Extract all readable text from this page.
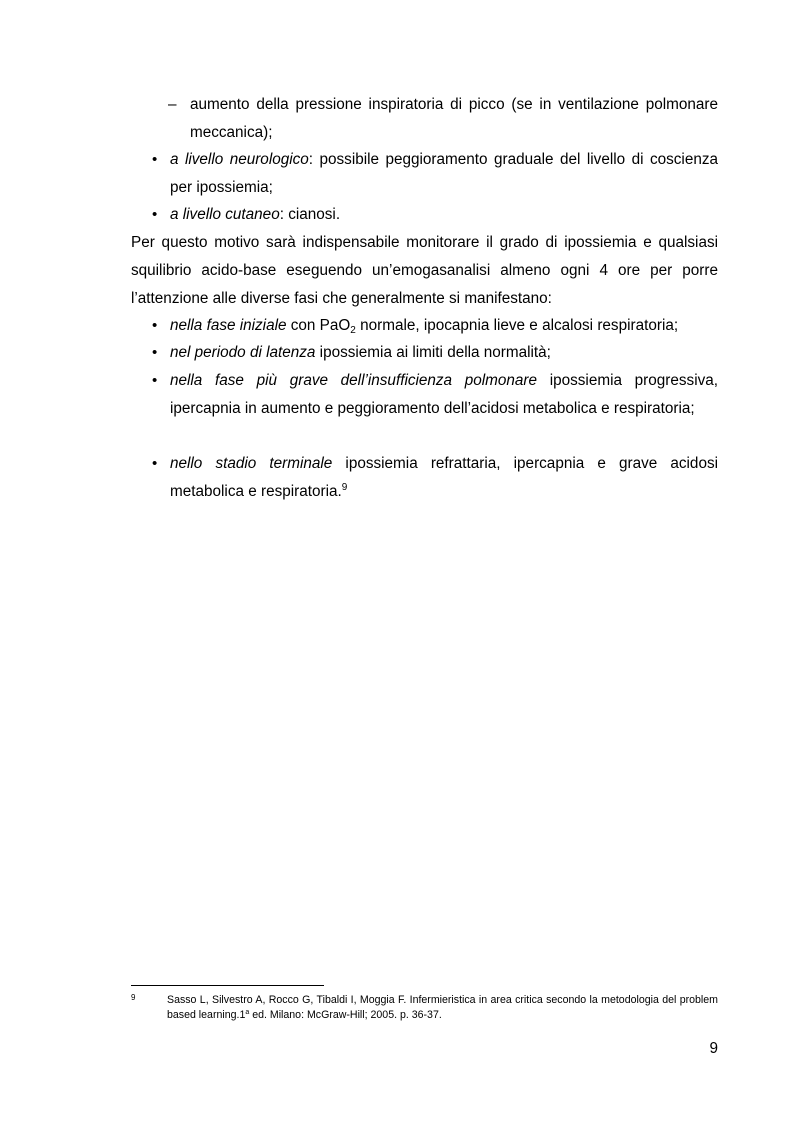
– aumento della pressione inspiratoria di picco (se in ventilazione polmonare meccanica);
• a livello neurologico: possibile peggioramento graduale del livello di coscienza per ipossiemia;
• a livello cutaneo: cianosi.
Per questo motivo sarà indispensabile monitorare il grado di ipossiemia e qualsiasi squilibrio acido-base eseguendo un’emogasanalisi almeno ogni 4 ore per porre l’attenzione alle diverse fasi che generalmente si manifestano:
• nella fase iniziale con PaO$_2$ normale, ipocapnia lieve e alcalosi respiratoria;
• nel periodo di latenza ipossiemia ai limiti della normalità;
• nella fase più grave dell’insufficienza polmonare ipossiemia progressiva, ipercapnia in aumento e peggioramento dell’acidosi metabolica e respiratoria;
• nello stadio terminale ipossiemia refrattaria, ipercapnia e grave acidosi metabolica e respiratoria.$^9$
9	Sasso L, Silvestro A, Rocco G, Tibaldi I, Moggia F. Infermieristica in area critica secondo la metodologia del problem based learning.1$^a$ ed. Milano: McGraw-Hill; 2005. p. 36-37.
9
